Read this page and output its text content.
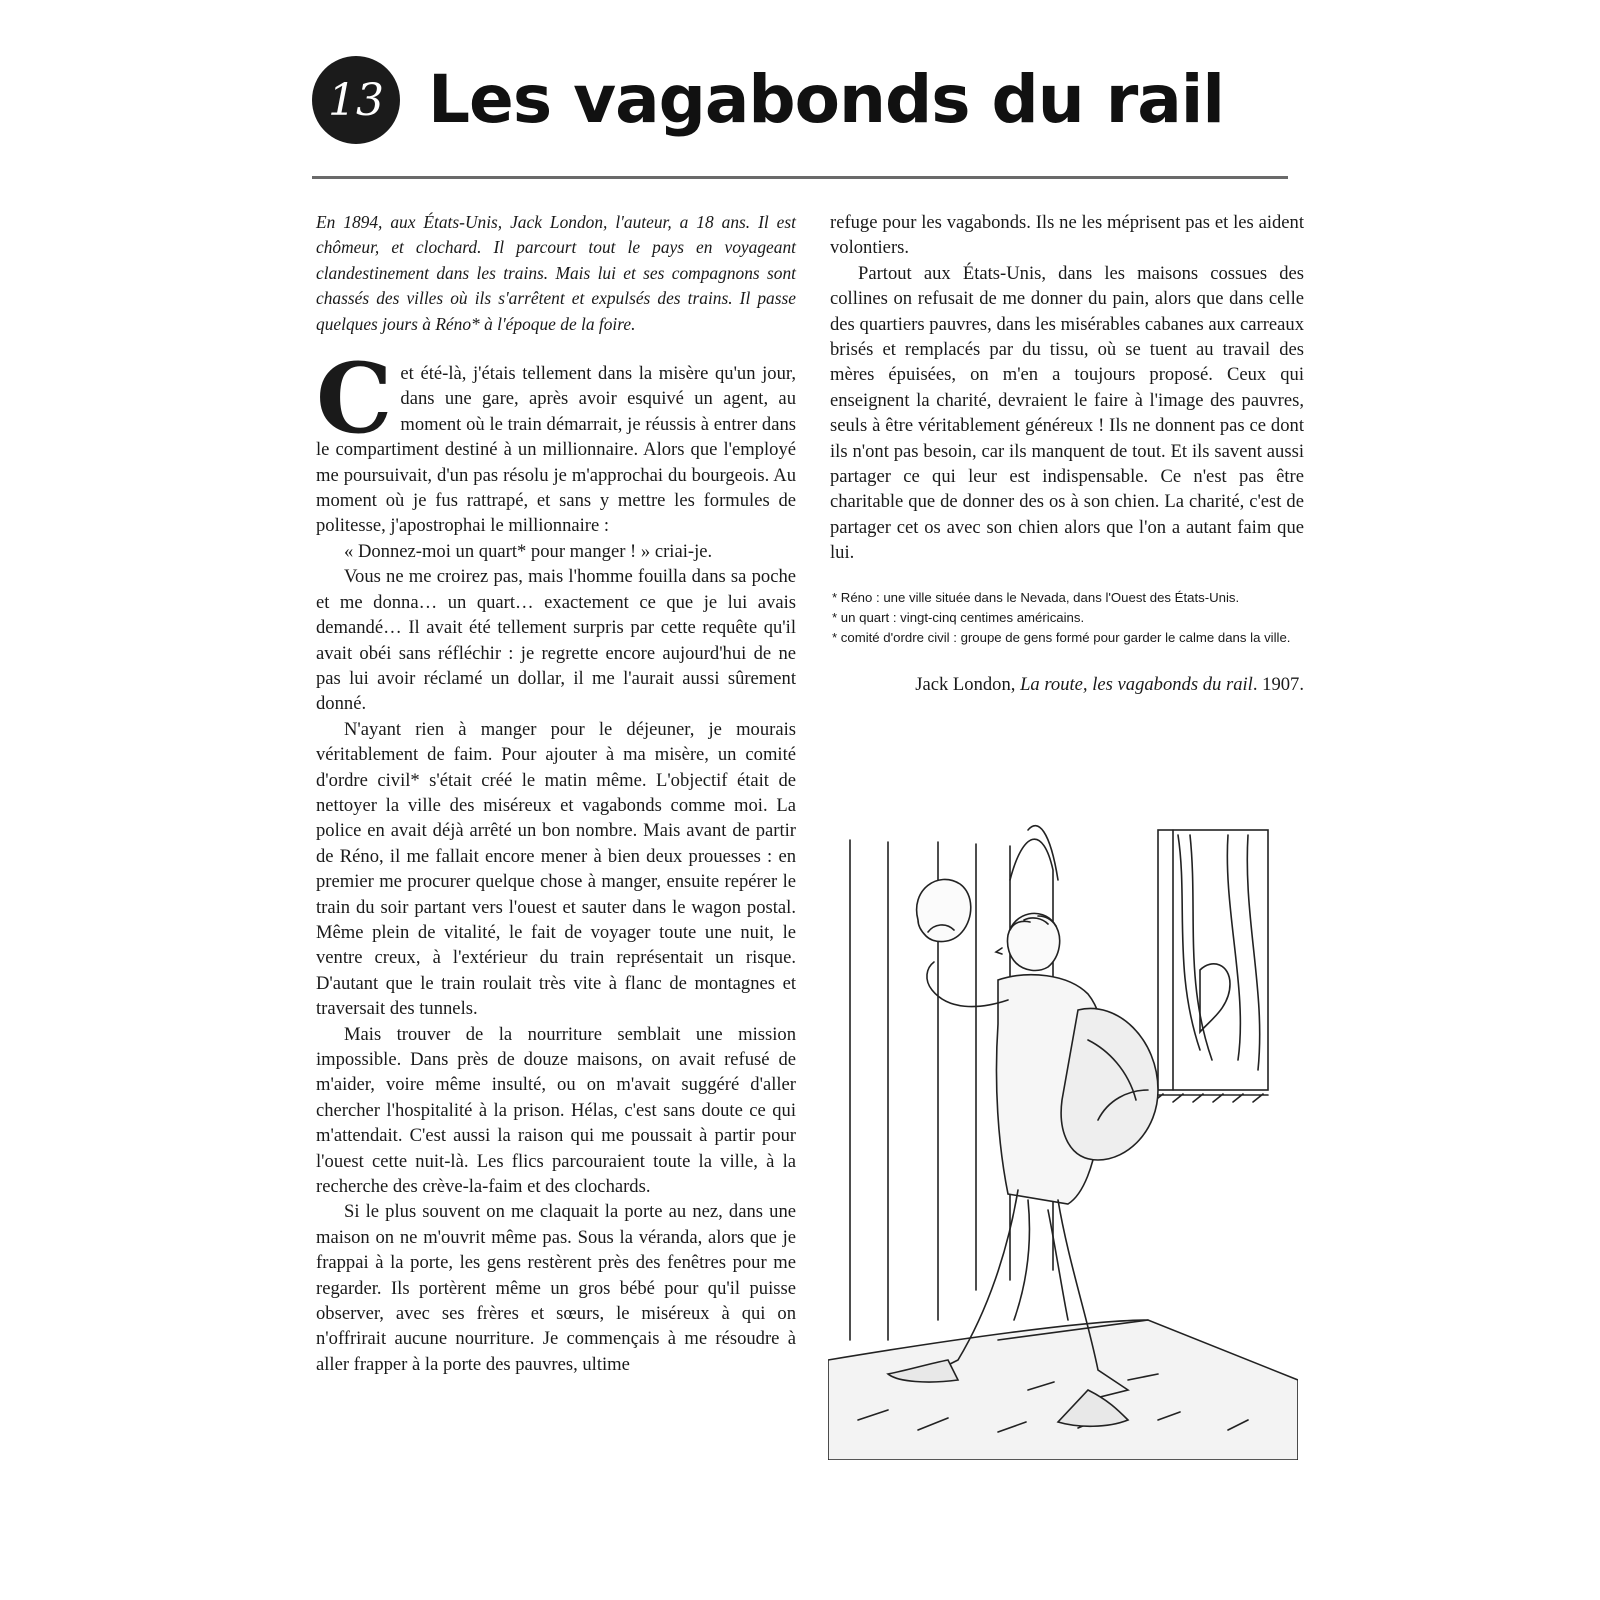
13 Les vagabonds du rail

En 1894, aux États-Unis, Jack London, l'auteur, a 18 ans. Il est chômeur, et clochard. Il parcourt tout le pays en voyageant clandestinement dans les trains. Mais lui et ses compagnons sont chassés des villes où ils s'arrêtent et expulsés des trains. Il passe quelques jours à Réno* à l'époque de la foire.

Cet été-là, j'étais tellement dans la misère qu'un jour, dans une gare, après avoir esquivé un agent, au moment où le train démarrait, je réussis à entrer dans le compartiment destiné à un millionnaire. Alors que l'employé me poursuivait, d'un pas résolu je m'approchai du bourgeois. Au moment où je fus rattrapé, et sans y mettre les formules de politesse, j'apostrophai le millionnaire :

« Donnez-moi un quart* pour manger ! » criai-je.

Vous ne me croirez pas, mais l'homme fouilla dans sa poche et me donna… un quart… exactement ce que je lui avais demandé… Il avait été tellement surpris par cette requête qu'il avait obéi sans réfléchir : je regrette encore aujourd'hui de ne pas lui avoir réclamé un dollar, il me l'aurait aussi sûrement donné.

N'ayant rien à manger pour le déjeuner, je mourais véritablement de faim. Pour ajouter à ma misère, un comité d'ordre civil* s'était créé le matin même. L'objectif était de nettoyer la ville des miséreux et vagabonds comme moi. La police en avait déjà arrêté un bon nombre. Mais avant de partir de Réno, il me fallait encore mener à bien deux prouesses : en premier me procurer quelque chose à manger, ensuite repérer le train du soir partant vers l'ouest et sauter dans le wagon postal. Même plein de vitalité, le fait de voyager toute une nuit, le ventre creux, à l'extérieur du train représentait un risque. D'autant que le train roulait très vite à flanc de montagnes et traversait des tunnels.

Mais trouver de la nourriture semblait une mission impossible. Dans près de douze maisons, on avait refusé de m'aider, voire même insulté, ou on m'avait suggéré d'aller chercher l'hospitalité à la prison. Hélas, c'est sans doute ce qui m'attendait. C'est aussi la raison qui me poussait à partir pour l'ouest cette nuit-là. Les flics parcouraient toute la ville, à la recherche des crève-la-faim et des clochards.

Si le plus souvent on me claquait la porte au nez, dans une maison on ne m'ouvrit même pas. Sous la véranda, alors que je frappai à la porte, les gens restèrent près des fenêtres pour me regarder. Ils portèrent même un gros bébé pour qu'il puisse observer, avec ses frères et sœurs, le miséreux à qui on n'offrirait aucune nourriture. Je commençais à me résoudre à aller frapper à la porte des pauvres, ultime

refuge pour les vagabonds. Ils ne les méprisent pas et les aident volontiers.

Partout aux États-Unis, dans les maisons cossues des collines on refusait de me donner du pain, alors que dans celle des quartiers pauvres, dans les misérables cabanes aux carreaux brisés et remplacés par du tissu, où se tuent au travail des mères épuisées, on m'en a toujours proposé. Ceux qui enseignent la charité, devraient le faire à l'image des pauvres, seuls à être véritablement généreux ! Ils ne donnent pas ce dont ils n'ont pas besoin, car ils manquent de tout. Et ils savent aussi partager ce qui leur est indispensable. Ce n'est pas être charitable que de donner des os à son chien. La charité, c'est de partager cet os avec son chien alors que l'on a autant faim que lui.

* Réno : une ville située dans le Nevada, dans l'Ouest des États-Unis.

* un quart : vingt-cinq centimes américains.

* comité d'ordre civil : groupe de gens formé pour garder le calme dans la ville.

Jack London, La route, les vagabonds du rail. 1907.
